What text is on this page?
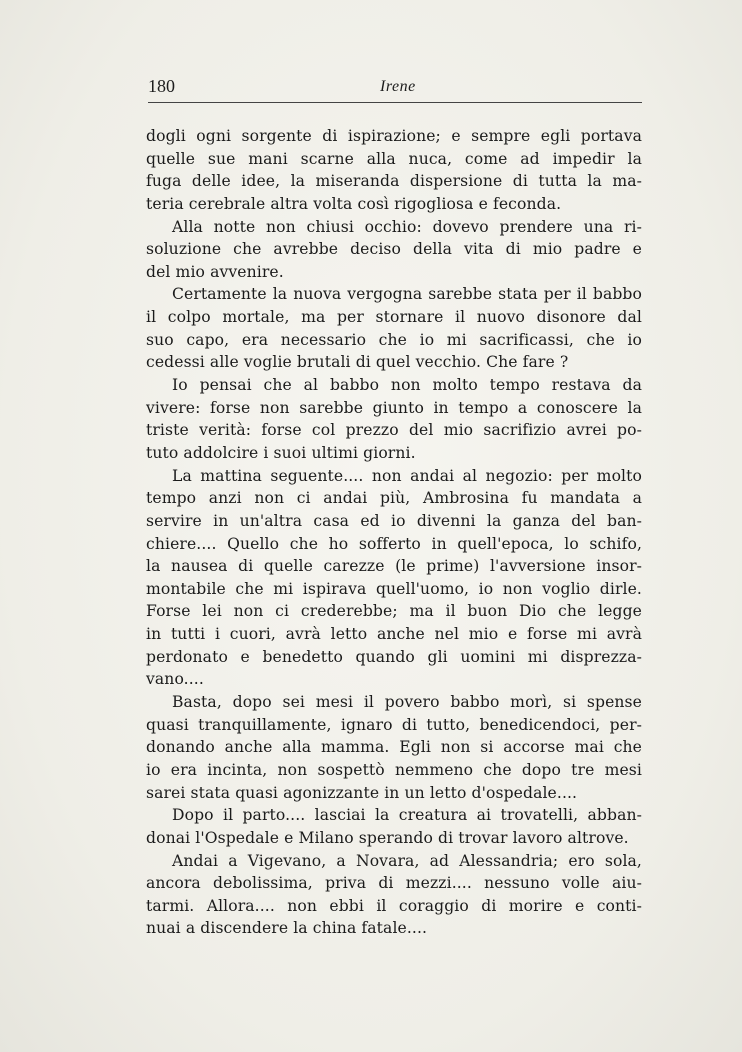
180	Irene
dogli ogni sorgente di ispirazione; e sempre egli portava
quelle sue mani scarne alla nuca, come ad impedir la
fuga delle idee, la miseranda dispersione di tutta la ma-
teria cerebrale altra volta così rigogliosa e feconda.
Alla notte non chiusi occhio: dovevo prendere una ri-
soluzione che avrebbe deciso della vita di mio padre e
del mio avvenire.
Certamente la nuova vergogna sarebbe stata per il babbo
il colpo mortale, ma per stornare il nuovo disonore dal
suo capo, era necessario che io mi sacrificassi, che io
cedessi alle voglie brutali di quel vecchio. Che fare ?
Io pensai che al babbo non molto tempo restava da
vivere: forse non sarebbe giunto in tempo a conoscere la
triste verità: forse col prezzo del mio sacrifizio avrei po-
tuto addolcire i suoi ultimi giorni.
La mattina seguente.... non andai al negozio: per molto
tempo anzi non ci andai più, Ambrosina fu mandata a
servire in un'altra casa ed io divenni la ganza del ban-
chiere.... Quello che ho sofferto in quell'epoca, lo schifo,
la nausea di quelle carezze (le prime) l'avversione insor-
montabile che mi ispirava quell'uomo, io non voglio dirle.
Forse lei non ci crederebbe; ma il buon Dio che legge
in tutti i cuori, avrà letto anche nel mio e forse mi avrà
perdonato e benedetto quando gli uomini mi disprezza-
vano....
Basta, dopo sei mesi il povero babbo morì, si spense
quasi tranquillamente, ignaro di tutto, benedicendoci, per-
donando anche alla mamma. Egli non si accorse mai che
io era incinta, non sospettò nemmeno che dopo tre mesi
sarei stata quasi agonizzante in un letto d'ospedale....
Dopo il parto.... lasciai la creatura ai trovatelli, abban-
donai l'Ospedale e Milano sperando di trovar lavoro altrove.
Andai a Vigevano, a Novara, ad Alessandria; ero sola,
ancora debolissima, priva di mezzi.... nessuno volle aiu-
tarmi. Allora.... non ebbi il coraggio di morire e conti-
nuai a discendere la china fatale....
